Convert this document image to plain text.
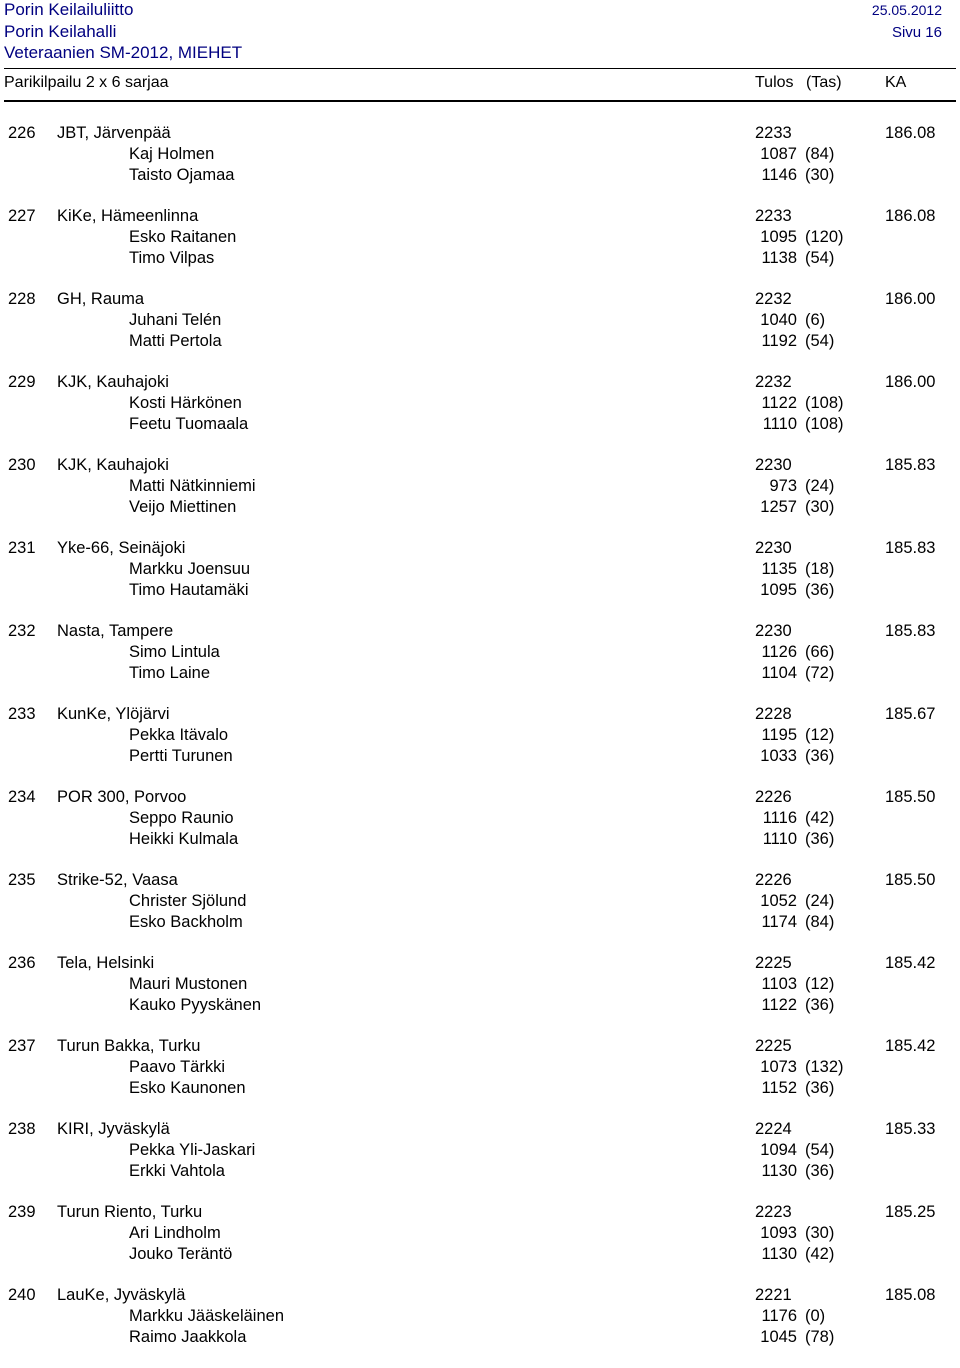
Porin Keilailuliitto
Porin Keilahalli
Veteraanien SM-2012, MIEHET
25.05.2012
Sivu 16
Parikilpailu 2 x 6 sarjaa	Tulos (Tas)	KA
226 JBT, Järvenpää	2233	186.08
Kaj Holmen	1087 (84)
Taisto Ojamaa	1146 (30)
227 KiKe, Hämeenlinna	2233	186.08
Esko Raitanen	1095 (120)
Timo Vilpas	1138 (54)
228 GH, Rauma	2232	186.00
Juhani Telén	1040 (6)
Matti Pertola	1192 (54)
229 KJK, Kauhajoki	2232	186.00
Kosti Härkönen	1122 (108)
Feetu Tuomaala	1110 (108)
230 KJK, Kauhajoki	2230	185.83
Matti Nätkinniemi	973 (24)
Veijo Miettinen	1257 (30)
231 Yke-66, Seinäjoki	2230	185.83
Markku Joensuu	1135 (18)
Timo Hautamäki	1095 (36)
232 Nasta, Tampere	2230	185.83
Simo Lintula	1126 (66)
Timo Laine	1104 (72)
233 KunKe, Ylöjärvi	2228	185.67
Pekka Itävalo	1195 (12)
Pertti Turunen	1033 (36)
234 POR 300, Porvoo	2226	185.50
Seppo Raunio	1116 (42)
Heikki Kulmala	1110 (36)
235 Strike-52, Vaasa	2226	185.50
Christer Sjölund	1052 (24)
Esko Backholm	1174 (84)
236 Tela, Helsinki	2225	185.42
Mauri Mustonen	1103 (12)
Kauko Pyyskänen	1122 (36)
237 Turun Bakka, Turku	2225	185.42
Paavo Tärkki	1073 (132)
Esko Kaunonen	1152 (36)
238 KIRI, Jyväskylä	2224	185.33
Pekka Yli-Jaskari	1094 (54)
Erkki Vahtola	1130 (36)
239 Turun Riento, Turku	2223	185.25
Ari Lindholm	1093 (30)
Jouko Teräntö	1130 (42)
240 LauKe, Jyväskylä	2221	185.08
Markku Jääskeläinen	1176 (0)
Raimo Jaakkola	1045 (78)
